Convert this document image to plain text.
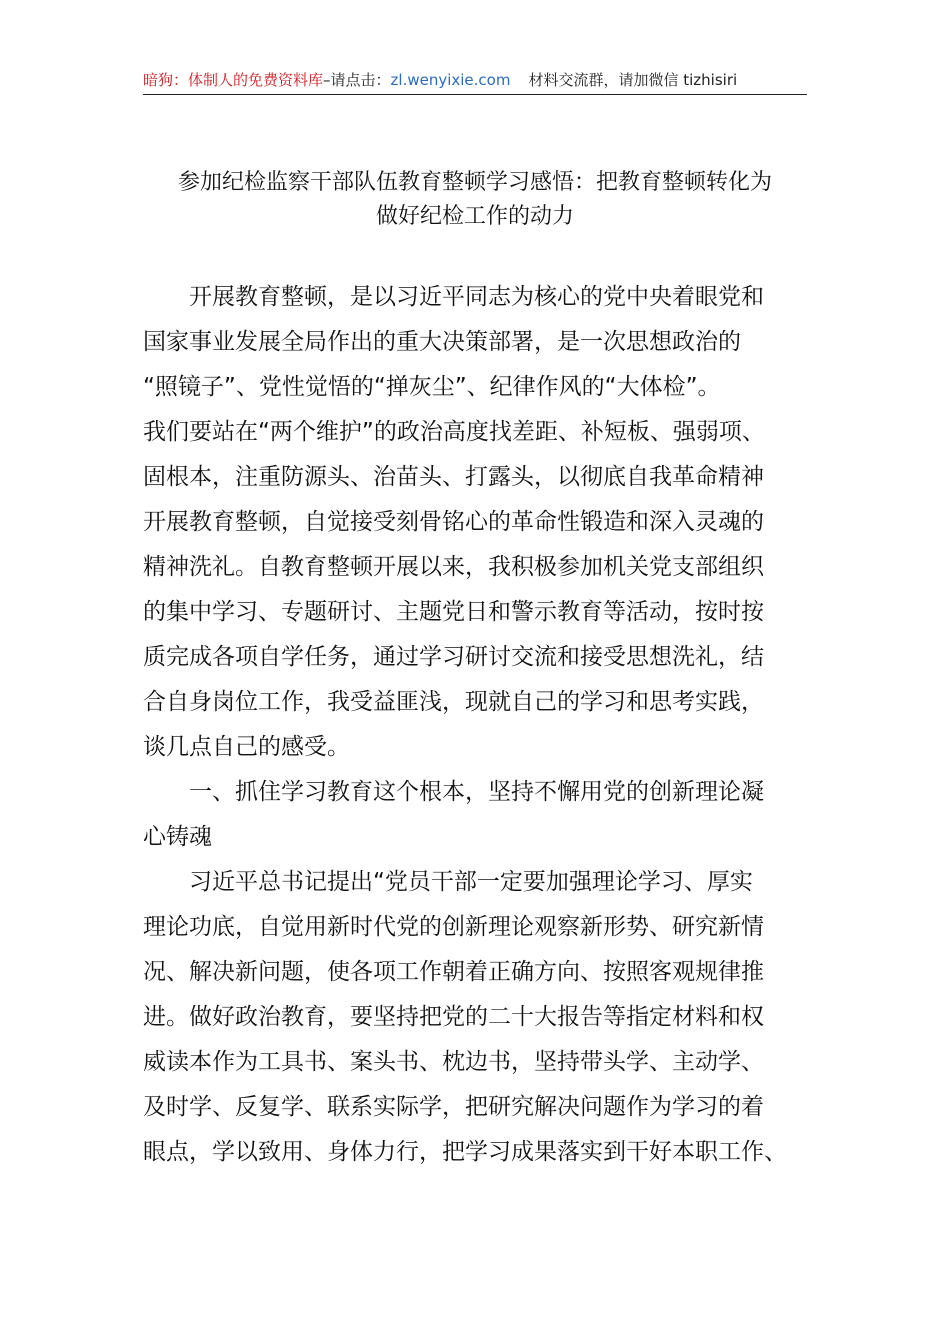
暗狗：体制人的免费资料库–请点击：zl.wenyixie.com 材料交流群，请加微信 tizhisiri
参加纪检监察干部队伍教育整顿学习感悟：把教育整顿转化为
做好纪检工作的动力
开展教育整顿，是以习近平同志为核心的党中央着眼党和
国家事业发展全局作出的重大决策部署，是一次思想政治的
“照镜子”、党性觉悟的“掸灰尘”、纪律作风的“大体检”。
我们要站在“两个维护”的政治高度找差距、补短板、强弱项、
固根本，注重防源头、治苗头、打露头，以彻底自我革命精神
开展教育整顿，自觉接受刻骨铭心的革命性锻造和深入灵魂的
精神洗礼。自教育整顿开展以来，我积极参加机关党支部组织
的集中学习、专题研讨、主题党日和警示教育等活动，按时按
质完成各项自学任务，通过学习研讨交流和接受思想洗礼，结
合自身岗位工作，我受益匪浅，现就自己的学习和思考实践，
谈几点自己的感受。
一、抓住学习教育这个根本，坚持不懈用党的创新理论凝
心铸魂
习近平总书记提出“党员干部一定要加强理论学习、厚实
理论功底，自觉用新时代党的创新理论观察新形势、研究新情
况、解决新问题，使各项工作朝着正确方向、按照客观规律推
进。做好政治教育，要坚持把党的二十大报告等指定材料和权
威读本作为工具书、案头书、枕边书，坚持带头学、主动学、
及时学、反复学、联系实际学，把研究解决问题作为学习的着
眼点，学以致用、身体力行，把学习成果落实到干好本职工作、
